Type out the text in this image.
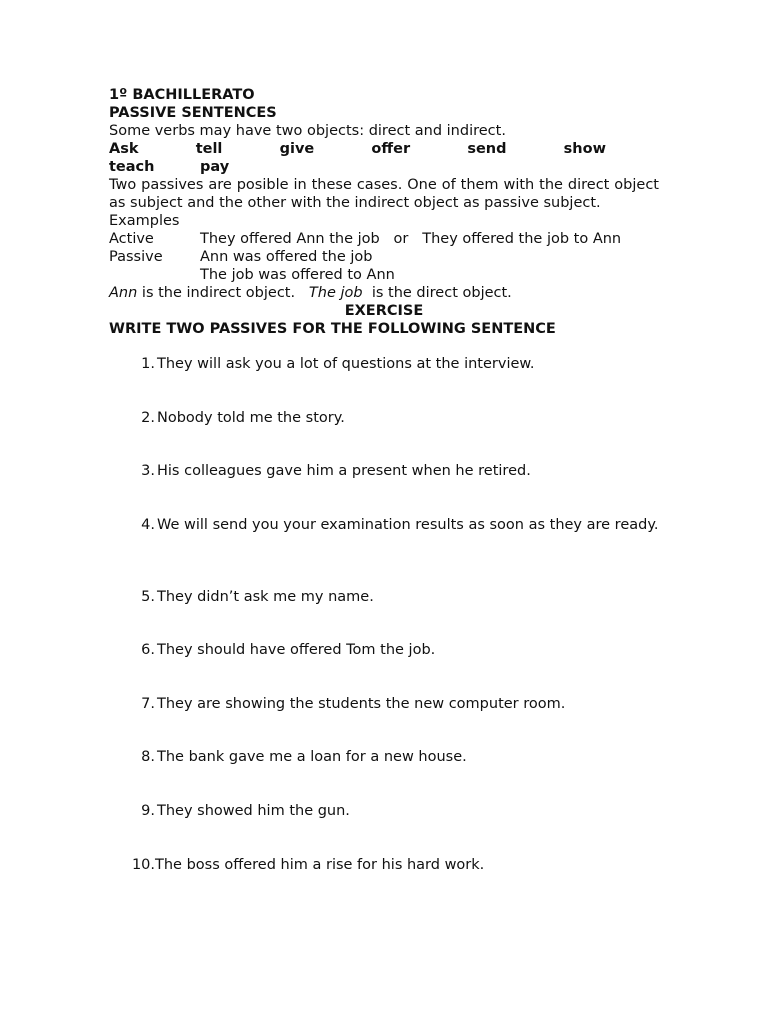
1º BACHILLERATO
PASSIVE SENTENCES
Some verbs may have two objects: direct and indirect.
Ask	tell	give	offer	send	show
teach	pay
Two passives are posible in these cases. One of them with the direct object as subject and the other with the indirect object as passive subject.
Examples
Active	They offered Ann the job   or   They offered the job to Ann
Passive	Ann was offered the job
The job was offered to Ann
Ann is the indirect object. The job is the direct object.
EXERCISE
WRITE TWO PASSIVES FOR THE FOLLOWING SENTENCE
1. They will ask you a lot of questions at the interview.
2. Nobody told me the story.
3. His colleagues gave him a present when he retired.
4. We will send you your examination results as soon as they are ready.
5. They didn’t ask me my name.
6. They should have offered Tom the job.
7. They are showing the students the new computer room.
8. The bank gave me a loan for a new house.
9. They showed him the gun.
10. The boss offered him a rise for his hard work.
